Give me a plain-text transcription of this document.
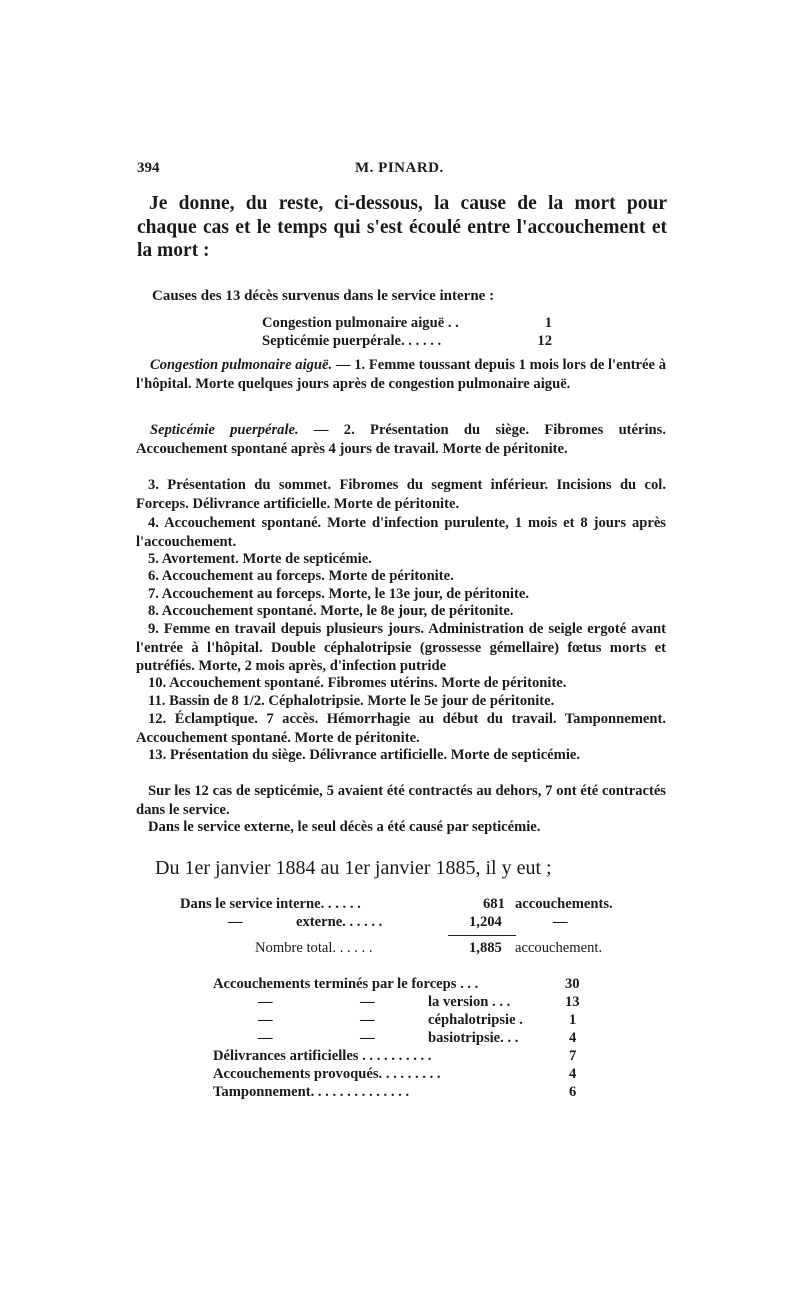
394	M. PINARD.
Je donne, du reste, ci-dessous, la cause de la mort pour chaque cas et le temps qui s'est écoulé entre l'accouchement et la mort :
Causes des 13 décès survenus dans le service interne :
Congestion pulmonaire aiguë . .	1
Septicémie puerpérale. . . . . .	12
Congestion pulmonaire aiguë. — 1. Femme toussant depuis 1 mois lors de l'entrée à l'hôpital. Morte quelques jours après de congestion pulmonaire aiguë.
Septicémie puerpérale. — 2. Présentation du siège. Fibromes utérins. Accouchement spontané après 4 jours de travail. Morte de péritonite.
3. Présentation du sommet. Fibromes du segment inférieur. Incisions du col. Forceps. Délivrance artificielle. Morte de péritonite.
4. Accouchement spontané. Morte d'infection purulente, 1 mois et 8 jours après l'accouchement.
5. Avortement. Morte de septicémie.
6. Accouchement au forceps. Morte de péritonite.
7. Accouchement au forceps. Morte, le 13e jour, de péritonite.
8. Accouchement spontané. Morte, le 8e jour, de péritonite.
9. Femme en travail depuis plusieurs jours. Administration de seigle ergoté avant l'entrée à l'hôpital. Double céphalotripsie (grossesse gémellaire) fœtus morts et putréfiés. Morte, 2 mois après, d'infection putride
10. Accouchement spontané. Fibromes utérins. Morte de péritonite.
11. Bassin de 8 1/2. Céphalotripsie. Morte le 5e jour de péritonite.
12. Éclamptique. 7 accès. Hémorrhagie au début du travail. Tamponnement. Accouchement spontané. Morte de péritonite.
13. Présentation du siège. Délivrance artificielle. Morte de septicémie.
Sur les 12 cas de septicémie, 5 avaient été contractés au dehors, 7 ont été contractés dans le service.
Dans le service externe, le seul décès a été causé par septicémie.
Du 1er janvier 1884 au 1er janvier 1885, il y eut ;
Dans le service interne. . . . . .	681 accouchements.
—	externe. . . . . .	1,204	—
Nombre total. . . . . .	1,885 accouchement.
Accouchements terminés par le forceps . . .	30
—	—	la version . . .	13
—	—	céphalotripsie .	1
—	—	basiotripsie. . .	4
Délivrances artificielles . . . . . . . . . .	7
Accouchements provoqués. . . . . . . . .	4
Tamponnement. . . . . . . . . . . . . .	6
